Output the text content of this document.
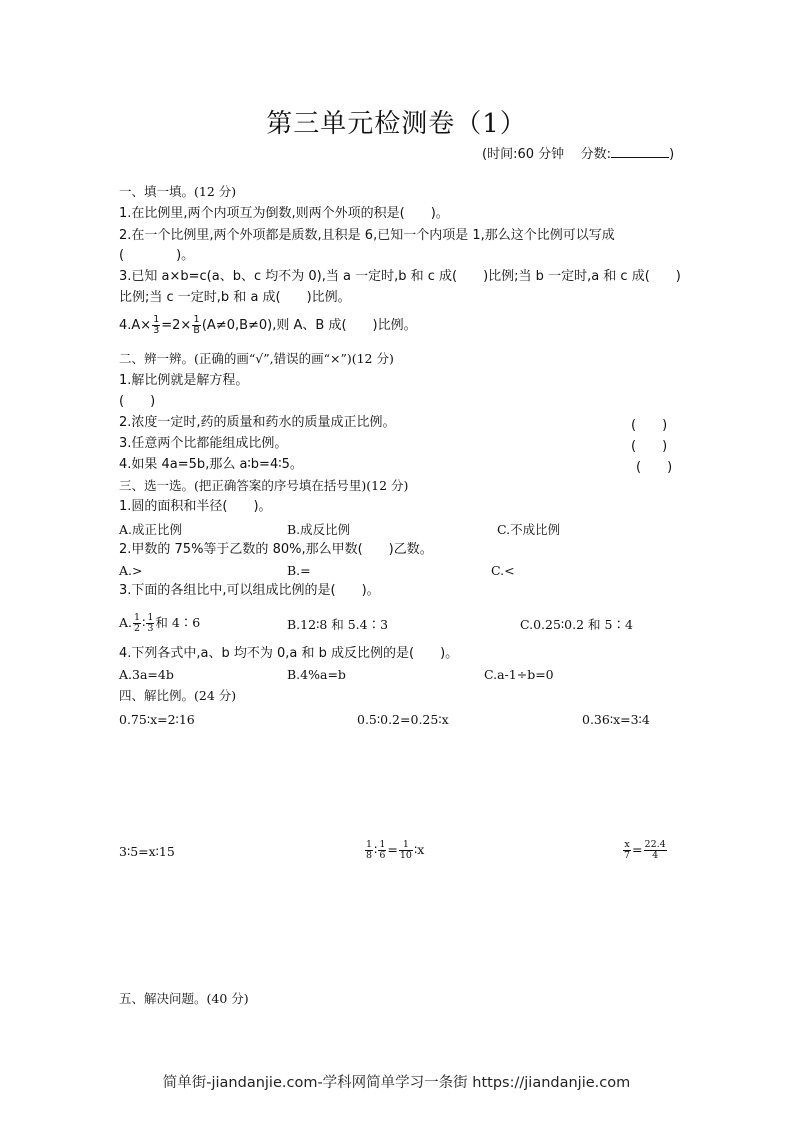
第三单元检测卷（1）
(时间:60 分钟 分数:	)
一、填一填。(12 分)
1.在比例里,两个内项互为倒数,则两个外项的积是(　　)。
2.在一个比例里,两个外项都是质数,且积是 6,已知一个内项是 1,那么这个比例可以写成
(　　　　)。
3.已知 a×b=c(a、b、c 均不为 0),当 a 一定时,b 和 c 成(　　)比例;当 b 一定时,a 和 c 成(　　)
比例;当 c 一定时,b 和 a 成(　　)比例。
$4.A\times \frac{1}{3} =2\times \frac{1}{B} (A\ne 0,B\ne 0)$,则 A、B 成(　　)比例。
二、辨一辨。(正确的画“√”,错误的画“×”)(12 分)
1.解比例就是解方程。
(　　)
2.浓度一定时,药的质量和药水的质量成正比例。	(　　)
3.任意两个比都能组成比例。	(　　)
4.如果 4a=5b,那么 a∶b=4∶5。	(　　)
三、选一选。(把正确答案的序号填在括号里)(12 分)
1.圆的面积和半径(　　)。
A.成正比例	B.成反比例	C.不成比例
2.甲数的 75%等于乙数的 80%,那么甲数(　　)乙数。
A.>	B.=	C.<
3.下面的各组比中,可以组成比例的是(　　)。
A. $\frac{1}{2}$ ∶ $\frac{1}{3}$ 和 4∶6	B.12∶8 和 5.4∶3	C.0.25∶0.2 和 5∶4
4.下列各式中,a、b 均不为 0,a 和 b 成反比例的是(　　)。
A.3a=4b	B.4%a=b	C.a-1÷b=0
四、解比例。(24 分)
0.75∶x=2∶16	0.5∶0.2=0.25∶x	0.36∶x=3∶4
3∶5=x∶15	$\frac{1}{8}$ ∶ $\frac{1}{6} = \frac{1}{10}$ ∶x	$\frac{x}{7} = \frac{22.4}{4}$
五、解决问题。(40 分)
简单街-jiandanjie.com-学科网简单学习一条街 https://jiandanjie.com
